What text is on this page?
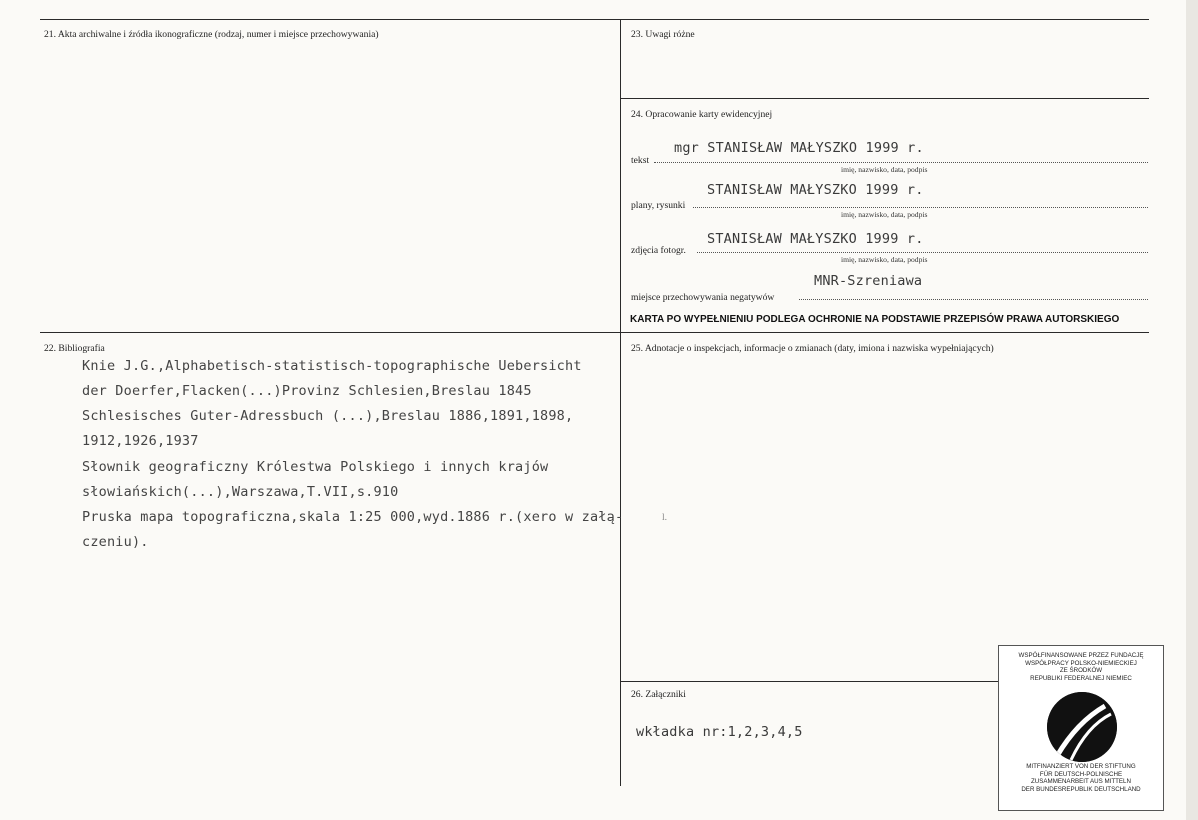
21. Akta archiwalne i źródła ikonograficzne (rodzaj, numer i miejsce przechowywania)	23. Uwagi różne
24. Opracowanie karty ewidencyjnej
mgr STANISŁAW MAŁYSZKO 1999 r.
tekst
imię, nazwisko, data, podpis
STANISŁAW MAŁYSZKO 1999 r.
plany, rysunki
imię, nazwisko, data, podpis
STANISŁAW MAŁYSZKO 1999 r.
zdjęcia fotogr.
imię, nazwisko, data, podpis
MNR-Szreniawa
miejsce przechowywania negatywów
KARTA PO WYPEŁNIENIU PODLEGA OCHRONIE NA PODSTAWIE PRZEPISÓW PRAWA AUTORSKIEGO
22. Bibliografia
Knie J.G.,Alphabetisch-statistisch-topographische Uebersicht
der Doerfer,Flacken(...)Provinz Schlesien,Breslau 1845
Schlesisches Guter-Adressbuch (...),Breslau 1886,1891,1898,
1912,1926,1937
Słownik geograficzny Królestwa Polskiego i innych krajów
słowiańskich(...),Warszawa,T.VII,s.910
Pruska mapa topograficzna,skala 1:25 000,wyd.1886 r.(xero w załą-
czeniu).
25. Adnotacje o inspekcjach, informacje o zmianach (daty, imiona i nazwiska wypełniających)
l.
26. Załączniki
wkładka nr:1,2,3,4,5
WSPÓŁFINANSOWANE PRZEZ FUNDACJĘ
WSPÓŁPRACY POLSKO-NIEMIECKIEJ
ZE ŚRODKÓW
REPUBLIKI FEDERALNEJ NIEMIEC
MITFINANZIERT VON DER STIFTUNG
FÜR DEUTSCH-POLNISCHE
ZUSAMMENARBEIT AUS MITTELN
DER BUNDESREPUBLIK DEUTSCHLAND
